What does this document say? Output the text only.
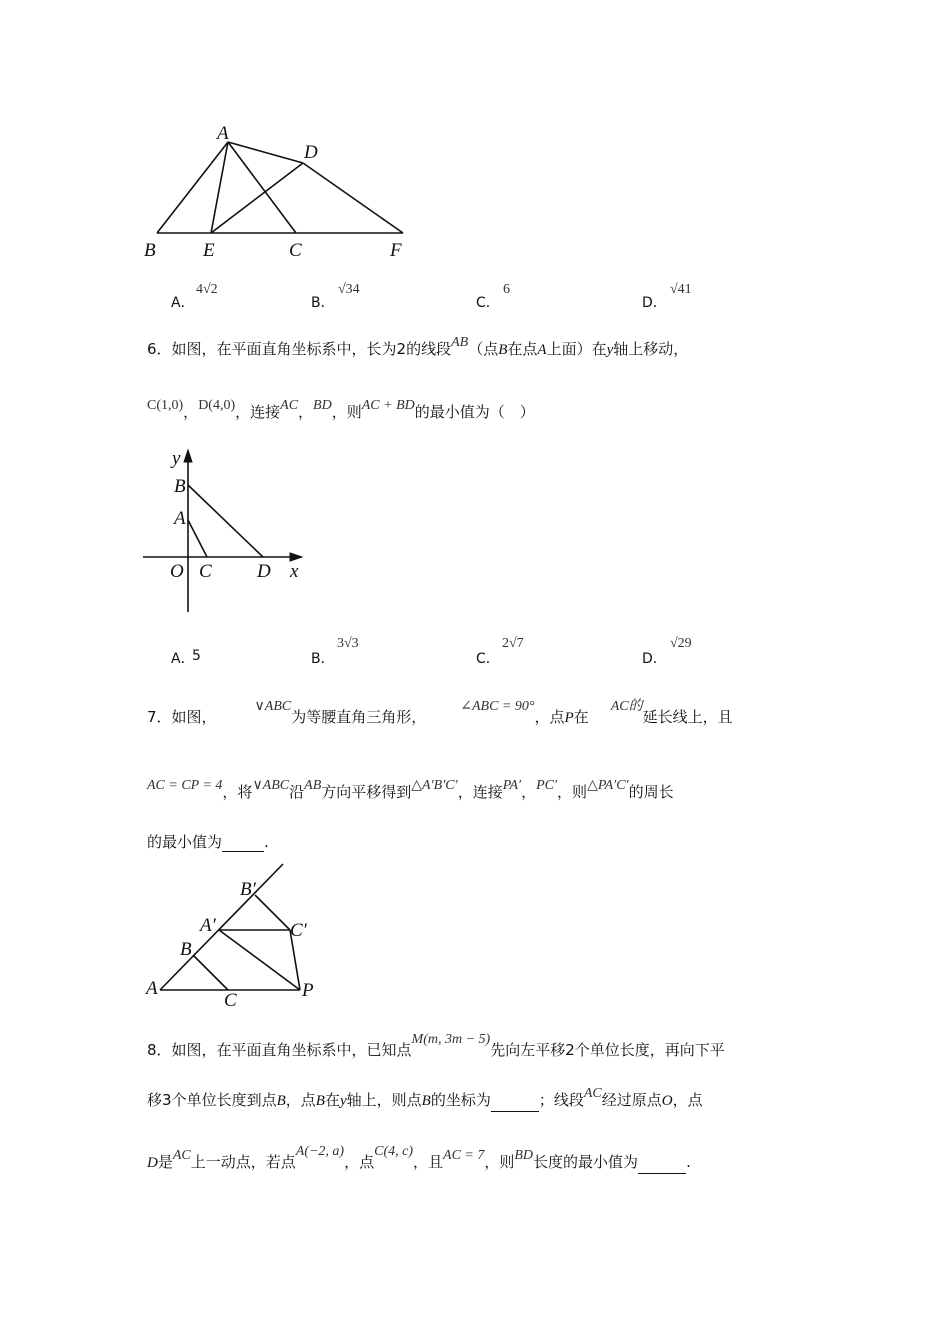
A
D
B E	C	F
A．
4√2
B．
√34
C．
6
D．
√41
6．如图，在平面直角坐标系中，长为2的线段AB（点B在点A上面）在y轴上移动，
C(1,0)，D(4,0)，连接AC，BD，则AC + BD的最小值为（　）
y
B
A
O C D x
A．
5	B．
3√3
C．
2√7
D．
√29
7．如图，∨ABC为等腰直角三角形，∠ABC = 90°，点P在AC的延长线上，且
AC = CP = 4，将∨ABC沿AB方向平移得到△A′B′C′，连接PA′，PC′，则△PA′C′的周长
的最小值为	.
B′
A′	C′
B
A
C	P
8．如图，在平面直角坐标系中，已知点M(m, 3m − 5)先向左平移2个单位长度，再向下平
移3个单位长度到点B，点B在y轴上，则点B的坐标为	；线段AC经过原点O，点
D是AC上一动点，若点A(−2, a)，点C(4, c)，且AC = 7，则BD长度的最小值为	.
